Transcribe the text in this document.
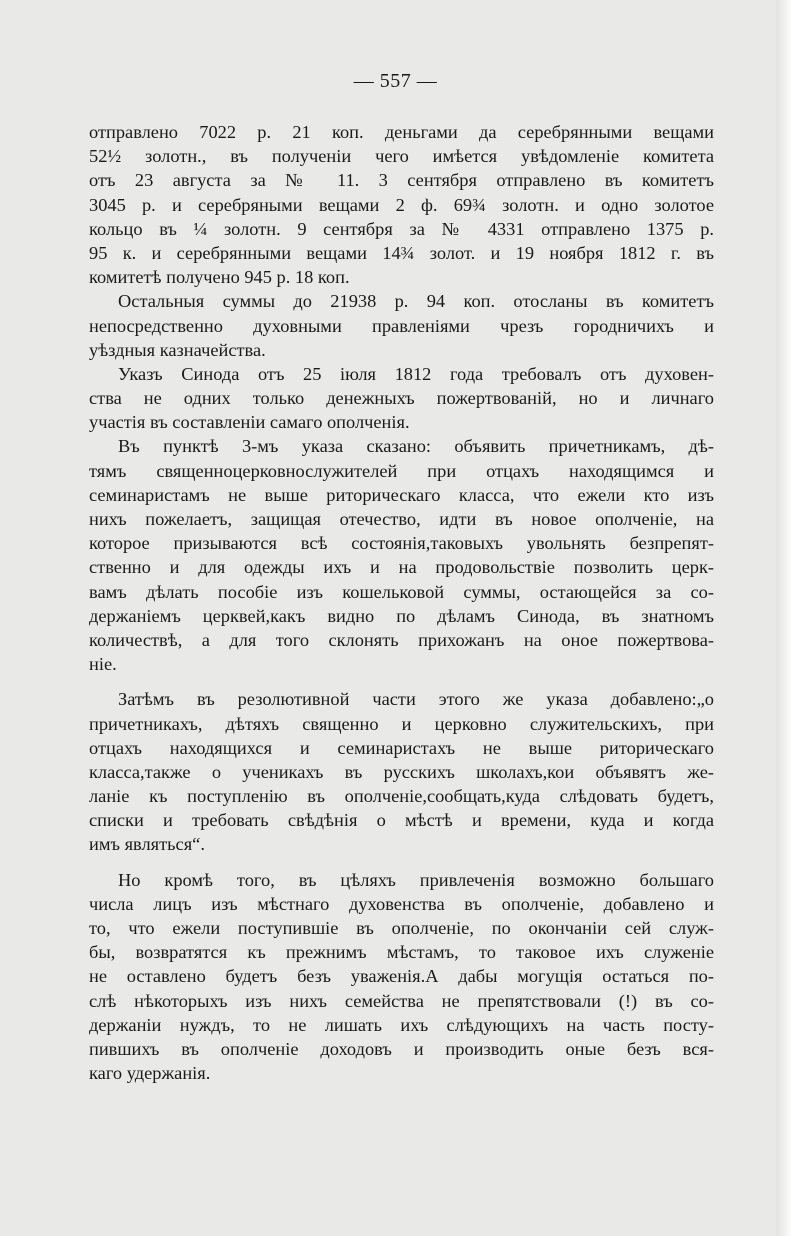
— 557 —
отправлено 7022 р. 21 коп. деньгами да серебрянными вещами
52½ золотн., въ полученіи чего имѣется увѣдомленіе комитета
отъ 23 августа за № 11. 3 сентября отправлено въ комитетъ
3045 р. и серебряными вещами 2 ф. 69¾ золотн. и одно золотое
кольцо въ ¼ золотн. 9 сентября за № 4331 отправлено 1375 р.
95 к. и серебрянными вещами 14¾ золот. и 19 ноября 1812 г. въ
комитетѣ получено 945 р. 18 коп.
Остальныя суммы до 21938 р. 94 коп. отосланы въ комитетъ
непосредственно духовными правленіями чрезъ городничихъ и
уѣздныя казначейства.
Указъ Синода отъ 25 іюля 1812 года требовалъ отъ духовен-
ства не одних только денежныхъ пожертвованій, но и личнаго
участія въ составленіи самаго ополченія.
Въ пунктѣ 3-мъ указа сказано: объявить причетникамъ, дѣ-
тямъ священноцерковнослужителей при отцахъ находящимся и
семинаристамъ не выше риторическаго класса, что ежели кто изъ
нихъ пожелаетъ, защищая отечество, идти въ новое ополченіе, на
которое призываются всѣ состоянія,таковыхъ увольнять безпрепят-
ственно и для одежды ихъ и на продовольствіе позволить церк-
вамъ дѣлать пособіе изъ кошельковой суммы, остающейся за со-
держаніемъ церквей,какъ видно по дѣламъ Синода, въ знатномъ
количествѣ, а для того склонять прихожанъ на оное пожертвова-
ніе.
Затѣмъ въ резолютивной части этого же указа добавлено:„о
причетникахъ, дѣтяхъ священно и церковно служительскихъ, при
отцахъ находящихся и семинаристахъ не выше риторическаго
класса,также о ученикахъ въ русскихъ школахъ,кои объявятъ же-
ланіе къ поступленію въ ополченіе,сообщать,куда слѣдовать будетъ,
списки и требовать свѣдѣнія о мѣстѣ и времени, куда и когда
имъ являться“.
Но кромѣ того, въ цѣляхъ привлеченія возможно большаго
числа лицъ изъ мѣстнаго духовенства въ ополченіе, добавлено и
то, что ежели поступившіе въ ополченіе, по окончаніи сей служ-
бы, возвратятся къ прежнимъ мѣстамъ, то таковое ихъ служеніе
не оставлено будетъ безъ уваженія.А дабы могущія остаться по-
слѣ нѣкоторыхъ изъ нихъ семейства не препятствовали (!) въ со-
держаніи нуждъ, то не лишать ихъ слѣдующихъ на часть посту-
пившихъ въ ополченіе доходовъ и производить оные безъ вся-
каго удержанія.
